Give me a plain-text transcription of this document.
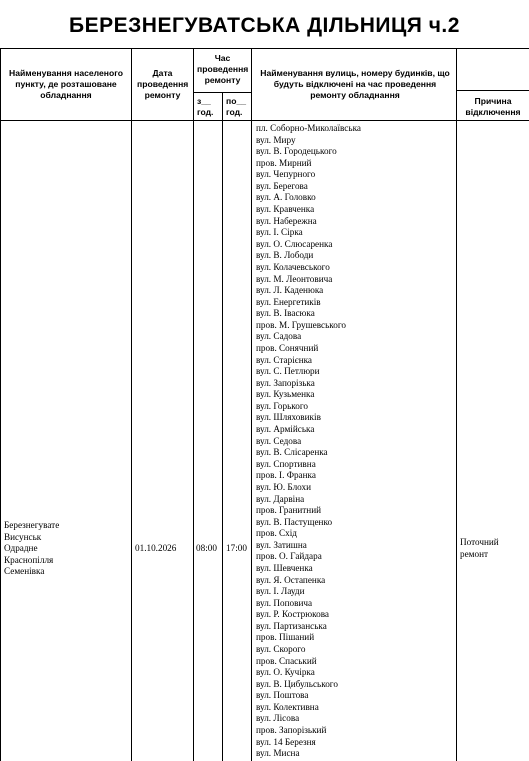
БЕРЕЗНЕГУВАТСЬКА ДІЛЬНИЦЯ ч.2
Найменування населеного пункту, де розташоване обладнання
Дата проведення ремонту
Час проведення ремонту
з__ год.
по__ год.
Найменування вулиць, номеру будинків, що будуть відключені на час проведення ремонту обладнання
Причина відключення
Березнегувате
Висунськ
Одрадне
Краснопілля
Семенівка
01.10.2026 08:00 17:00
Поточний ремонт
пл. Соборно-Миколаївська
вул. Миру
вул. В. Городецького
пров. Мирний
вул. Чепурного
вул. Берегова
вул. А. Головко
вул. Кравченка
вул. Набережна
вул. І. Сірка
вул. О. Слюсаренка
вул. В. Лободи
вул. Колачевського
вул. М. Леонтовича
вул. Л. Каденюка
вул. Енергетиків
вул. В. Івасюка
пров. М. Грушевського
вул. Садова
пров. Сонячний
вул. Старієнка
вул. С. Петлюри
вул. Запорізька
вул. Кузьменка
вул. Горького
вул. Шляховиків
вул. Армійська
вул. Седова
вул. В. Слісаренка
вул. Спортивна
пров. І. Франка
вул. Ю. Блохи
вул. Дарвіна
пров. Гранитний
вул. В. Пастущенко
пров. Схід
вул. Затишна
пров. О. Гайдара
вул. Шевченка
вул. Я. Остапенка
вул. І. Лауди
вул. Поповича
вул. Р. Кострюкова
вул. Партизанська
пров. Пішаний
вул. Скорого
пров. Спаський
вул. О. Кучірка
вул. В. Цибульського
вул. Поштова
вул. Колективна
вул. Лісова
пров. Запорізький
вул. 14 Березня
вул. Мисна
